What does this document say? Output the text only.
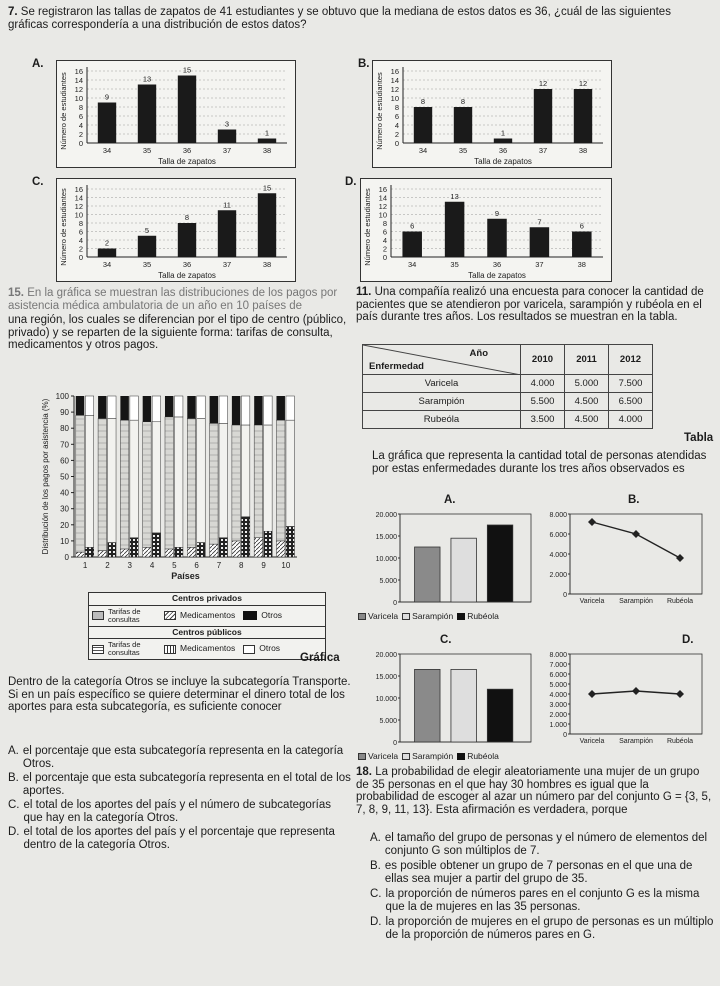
7. Se registraron las tallas de zapatos de 41 estudiantes y se obtuvo que la mediana de estos datos es 36, ¿cuál de las siguientes gráficas correspondería a una distribución de estos datos?
A.	B.
C.	D.
0
2
4
6
8
10
12
14
16
9
34
13
35
15
36
3
37
1
38
Talla de zapatos
Número de estudiantes	0
2
4
6
8
10
12
14
16
8
34
8
35
1
36
12
37
12
38
Talla de zapatos
Número de estudiantes
0
2
4
6
8
10
12
14
16
2
34
5
35
8
36
11
37
15
38
Talla de zapatos
Número de estudiantes	0
2
4
6
8
10
12
14
16
6
34
13
35
9
36
7
37
6
38
Talla de zapatos
Número de estudiantes
15. En la gráfica se muestran las distribuciones de los pagos por asistencia médica ambulatoria de un año en 10 países de
una región, los cuales se diferencian por el tipo de centro (público, privado) y se reparten de la siguiente forma: tarifas de consulta, medicamentos y otros pagos.
0
10
20
30
40
50
60
70
80
90
100
1 2 3 4 5 6 7 8 9 10
Países
Distribución de los pagos por asistencia (%)
Centros privados
Tarifas de consultas	Medicamentos	Otros
Centros públicos
Tarifas de consultas	Medicamentos	Otros
Gráfica
Dentro de la categoría Otros se incluye la subcategoría Transporte. Si en un país específico se quiere determinar el dinero total de los aportes para esta subcategoría, es suficiente conocer
A. el porcentaje que esta subcategoría representa en la categoría Otros.
B. el porcentaje que esta subcategoría representa en el total de los aportes.
C. el total de los aportes del país y el número de subcategorías que hay en la categoría Otros.
D. el total de los aportes del país y el porcentaje que representa dentro de la categoría Otros.
11. Una compañía realizó una encuesta para conocer la cantidad de pacientes que se atendieron por varicela, sarampión y rubéola en el país durante tres años. Los resultados se muestran en la tabla.
Año
Enfermedad	2010	2011	2012
Varicela	4.000	5.000	7.500
Sarampión	5.500	4.500	6.500
Rubeóla	3.500	4.500	4.000
Tabla
La gráfica que representa la cantidad total de personas atendidas por estas enfermedades durante los tres años observados es
A.	B.
0
5.000
10.000
15.000
20.000
0
2.000
4.000
6.000
8.000
Varicela Sarampión Rubéola
Varicela Sarampión Rubéola
C.	D.
0
5.000
10.000
15.000
20.000
0
1.000
2.000
3.000
4.000
5.000
6.000
7.000
8.000
Varicela Sarampión Rubéola
Varicela Sarampión Rubéola
18. La probabilidad de elegir aleatoriamente una mujer de un grupo de 35 personas en el que hay 30 hombres es igual que la probabilidad de escoger al azar un número par del conjunto G = {3, 5, 7, 8, 9, 11, 13}. Esta afirmación es verdadera, porque
A. el tamaño del grupo de personas y el número de elementos del conjunto G son múltiplos de 7.
B. es posible obtener un grupo de 7 personas en el que una de ellas sea mujer a partir del grupo de 35.
C. la proporción de números pares en el conjunto G es la misma que la de mujeres en las 35 personas.
D. la proporción de mujeres en el grupo de personas es un múltiplo de la proporción de números pares en G.
